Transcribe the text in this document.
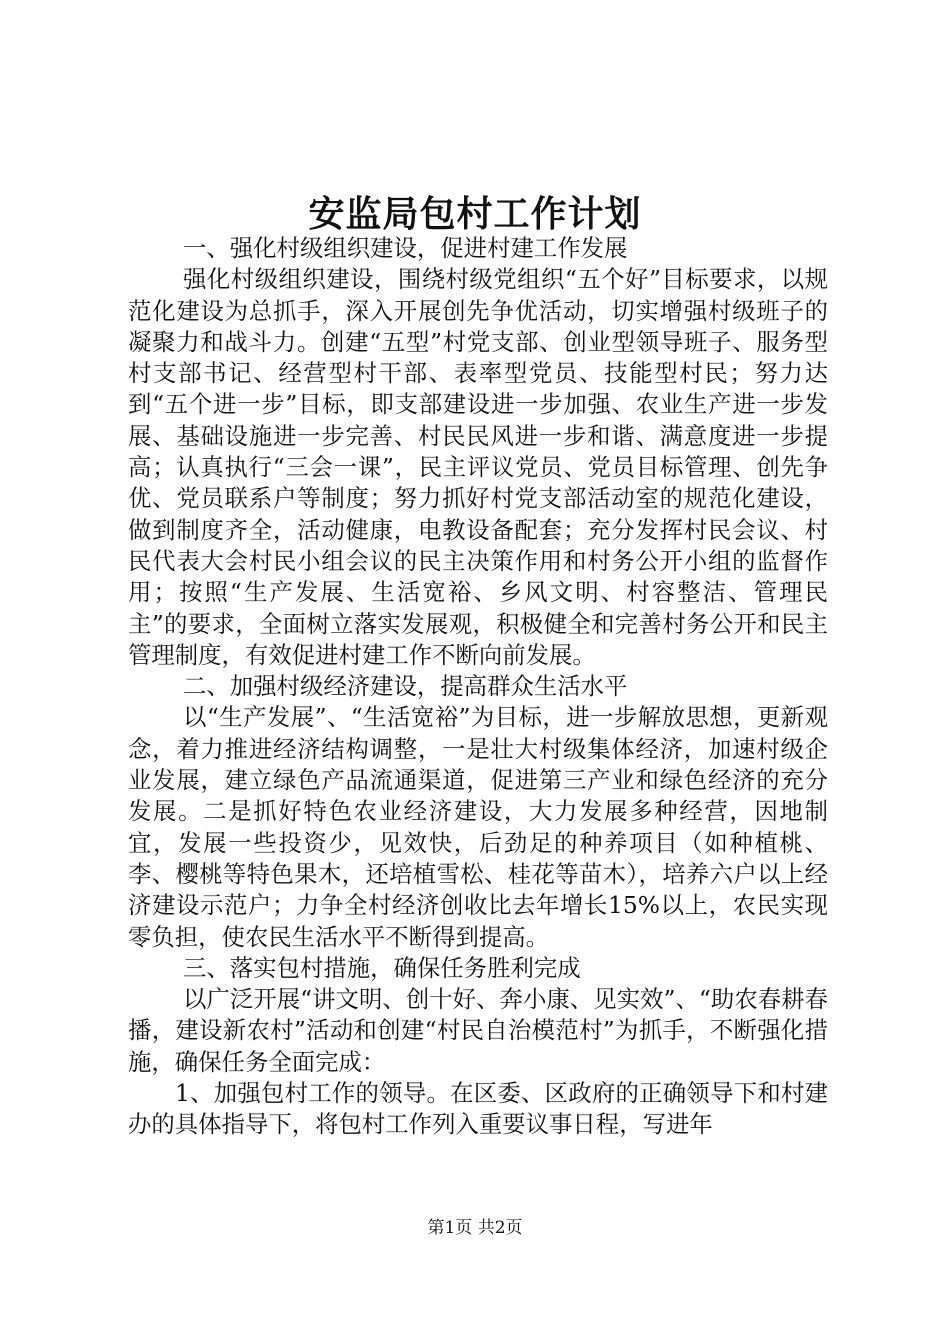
安监局包村工作计划

一、强化村级组织建设，促进村建工作发展

强化村级组织建设，围绕村级党组织“五个好”目标要求，以规范化建设为总抓手，深入开展创先争优活动，切实增强村级班子的凝聚力和战斗力。创建“五型”村党支部、创业型领导班子、服务型村支部书记、经营型村干部、表率型党员、技能型村民；努力达到“五个进一步”目标，即支部建设进一步加强、农业生产进一步发展、基础设施进一步完善、村民民风进一步和谐、满意度进一步提高；认真执行“三会一课”，民主评议党员、党员目标管理、创先争优、党员联系户等制度；努力抓好村党支部活动室的规范化建设，做到制度齐全，活动健康，电教设备配套；充分发挥村民会议、村民代表大会村民小组会议的民主决策作用和村务公开小组的监督作用；按照“生产发展、生活宽裕、乡风文明、村容整洁、管理民主”的要求，全面树立落实发展观，积极健全和完善村务公开和民主管理制度，有效促进村建工作不断向前发展。

二、加强村级经济建设，提高群众生活水平

以“生产发展”、“生活宽裕”为目标，进一步解放思想，更新观念，着力推进经济结构调整，一是壮大村级集体经济，加速村级企业发展，建立绿色产品流通渠道，促进第三产业和绿色经济的充分发展。二是抓好特色农业经济建设，大力发展多种经营，因地制宜，发展一些投资少，见效快，后劲足的种养项目（如种植桃、李、樱桃等特色果木，还培植雪松、桂花等苗木），培养六户以上经济建设示范户；力争全村经济创收比去年增长15%以上，农民实现零负担，使农民生活水平不断得到提高。

三、落实包村措施，确保任务胜利完成

以广泛开展“讲文明、创十好、奔小康、见实效”、“助农春耕春播，建设新农村”活动和创建“村民自治模范村”为抓手，不断强化措施，确保任务全面完成：

1、加强包村工作的领导。在区委、区政府的正确领导下和村建办的具体指导下，将包村工作列入重要议事日程，写进年

第1页 共2页
